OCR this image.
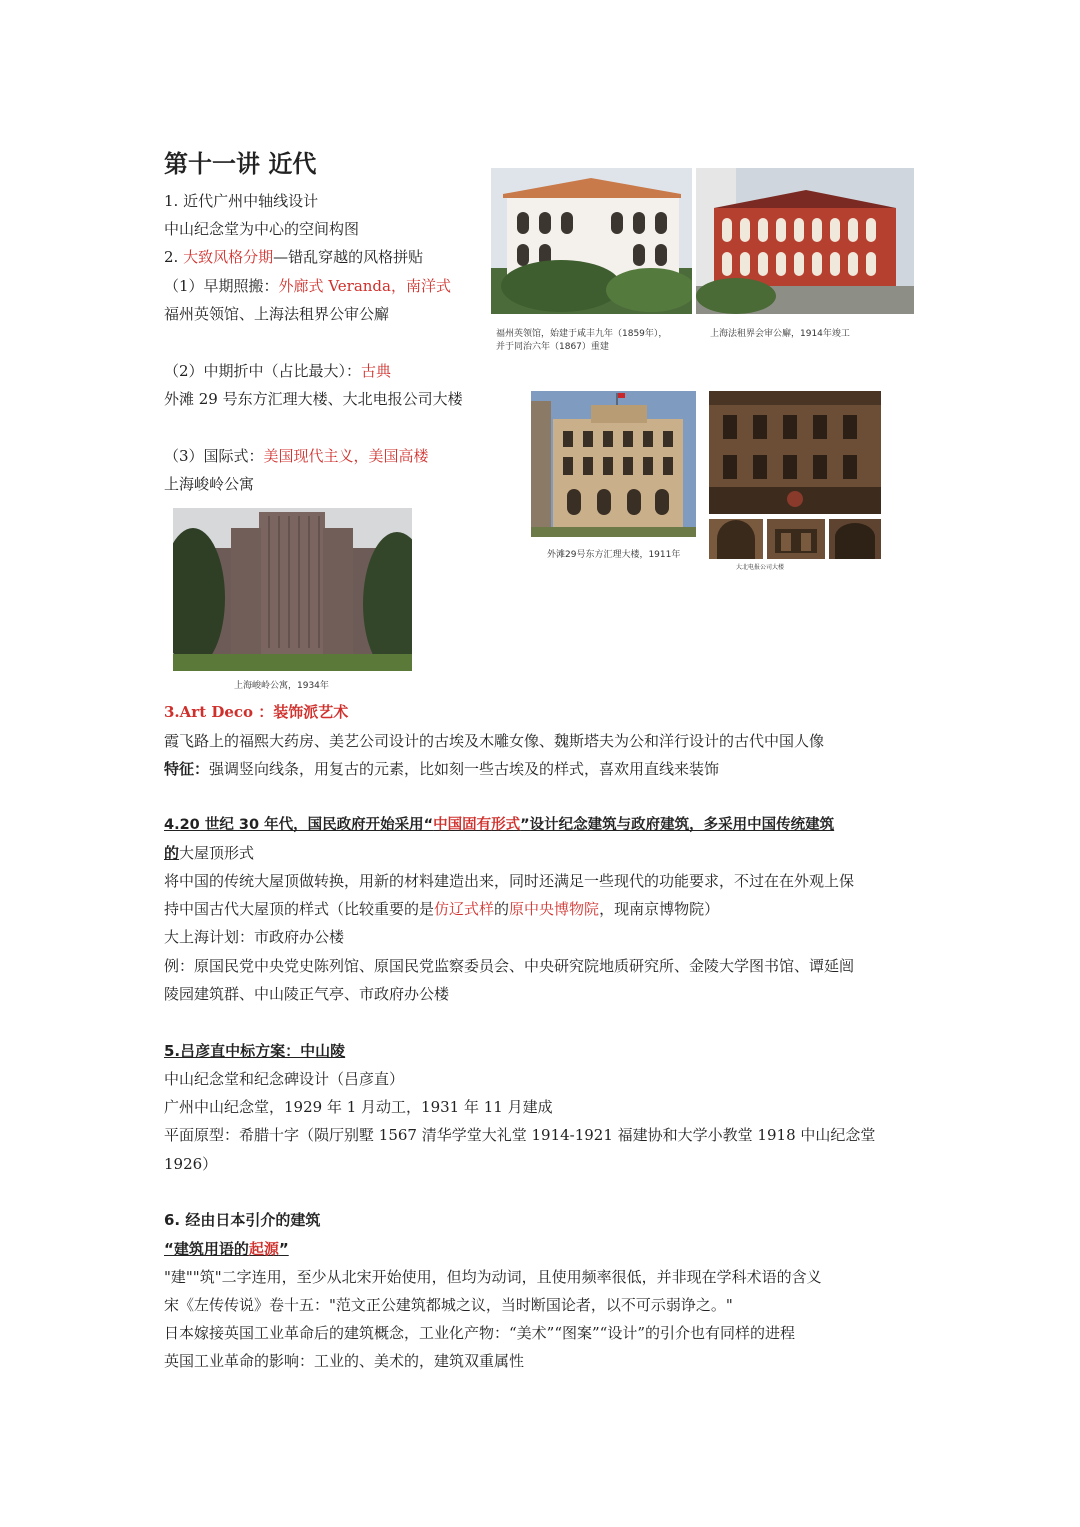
第十一讲 近代
1. 近代广州中轴线设计
中山纪念堂为中心的空间构图
2. 大致风格分期—错乱穿越的风格拼贴
（1）早期照搬：外廊式 Veranda，南洋式
福州英领馆、上海法租界公审公廨
（2）中期折中（占比最大）：古典
外滩 29 号东方汇理大楼、大北电报公司大楼
（3）国际式：美国现代主义，美国高楼
上海峻岭公寓
福州英领馆，始建于咸丰九年（1859年），
并于同治六年（1867）重建
上海法租界会审公廨，1914年竣工
外滩29号东方汇理大楼，1911年
大北电报公司大楼
上海峻岭公寓，1934年
3.Art Deco ：装饰派艺术
霞飞路上的福熙大药房、美艺公司设计的古埃及木雕女像、魏斯塔夫为公和洋行设计的古代中国人像
特征：强调竖向线条，用复古的元素，比如刻一些古埃及的样式，喜欢用直线来装饰
4.20 世纪 30 年代，国民政府开始采用“中国固有形式”设计纪念建筑与政府建筑，多采用中国传统建筑
的大屋顶形式
将中国的传统大屋顶做转换，用新的材料建造出来，同时还满足一些现代的功能要求，不过在在外观上保
持中国古代大屋顶的样式（比较重要的是仿辽式样的原中央博物院，现南京博物院）
大上海计划：市政府办公楼
例：原国民党中央党史陈列馆、原国民党监察委员会、中央研究院地质研究所、金陵大学图书馆、谭延闿
陵园建筑群、中山陵正气亭、市政府办公楼
5.吕彦直中标方案：中山陵
中山纪念堂和纪念碑设计（吕彦直）
广州中山纪念堂，1929 年 1 月动工，1931 年 11 月建成
平面原型：希腊十字（陨厅别墅 1567 清华学堂大礼堂 1914-1921 福建协和大学小教堂 1918 中山纪念堂
1926）
6. 经由日本引介的建筑
“建筑用语的起源”
"建""筑"二字连用，至少从北宋开始使用，但均为动词，且使用频率很低，并非现在学科术语的含义
宋《左传传说》卷十五："范文正公建筑都城之议，当时断国论者，以不可示弱诤之。"
日本嫁接英国工业革命后的建筑概念，工业化产物：“美术”“图案”“设计”的引介也有同样的进程
英国工业革命的影响：工业的、美术的，建筑双重属性
